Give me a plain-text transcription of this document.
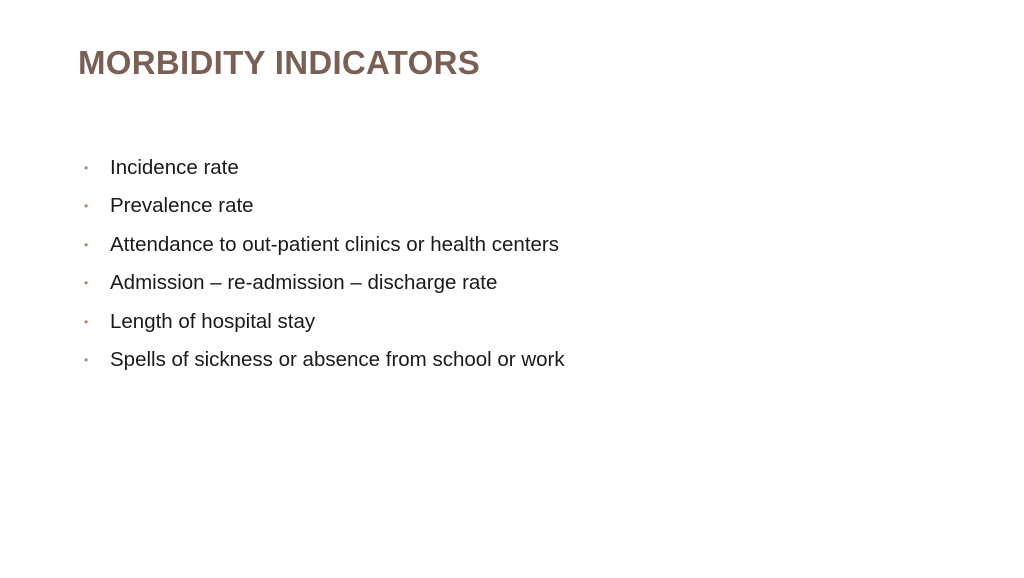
MORBIDITY INDICATORS
• Incidence rate
• Prevalence rate
• Attendance to out-patient clinics or health centers
• Admission – re-admission – discharge rate
• Length of hospital stay
• Spells of sickness or absence from school or work
